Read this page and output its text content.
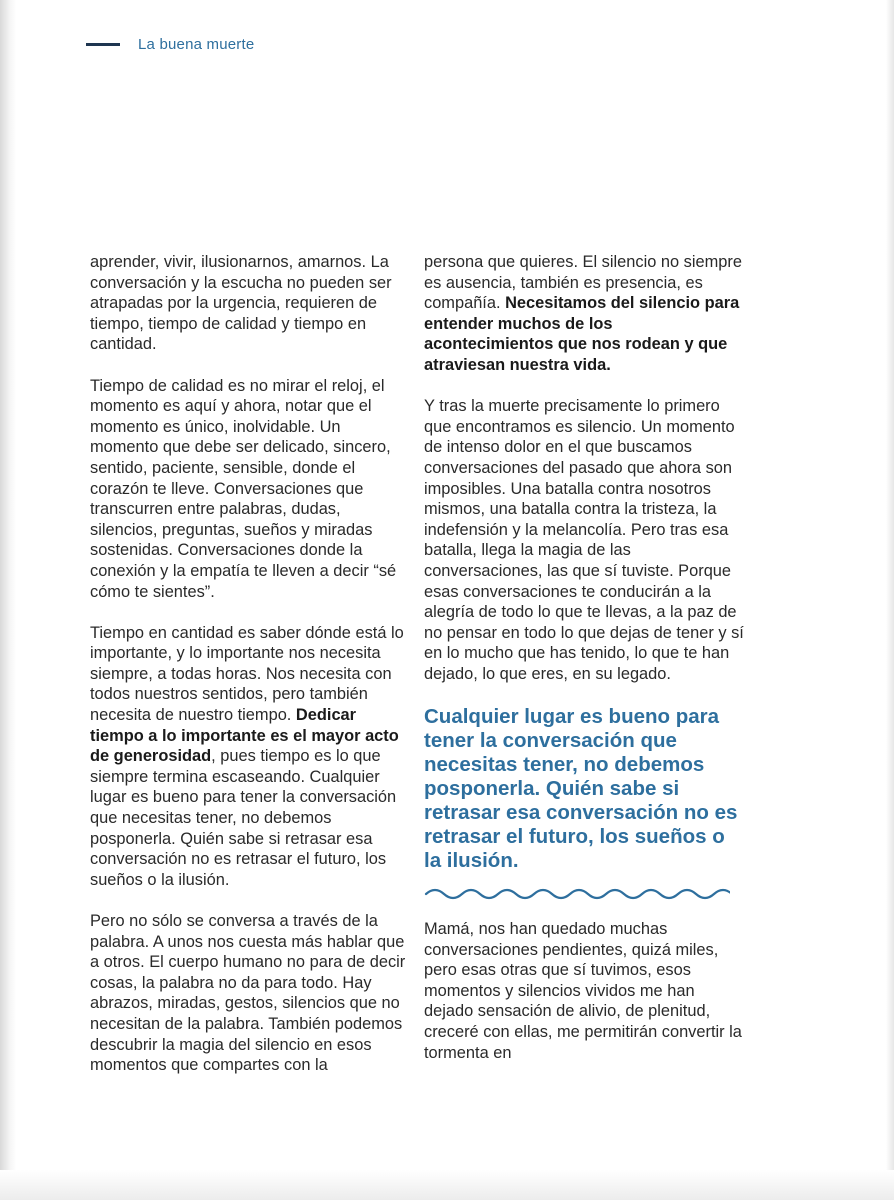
La buena muerte

aprender, vivir, ilusionarnos, amarnos. La conversación y la escucha no pueden ser atrapadas por la urgencia, requieren de tiempo, tiempo de calidad y tiempo en cantidad.

Tiempo de calidad es no mirar el reloj, el momento es aquí y ahora, notar que el momento es único, inolvidable. Un momento que debe ser delicado, sincero, sentido, paciente, sensible, donde el corazón te lleve. Conversaciones que transcurren entre palabras, dudas, silencios, preguntas, sueños y miradas sostenidas. Conversaciones donde la conexión y la empatía te lleven a decir “sé cómo te sientes”.

Tiempo en cantidad es saber dónde está lo importante, y lo importante nos necesita siempre, a todas horas. Nos necesita con todos nuestros sentidos, pero también necesita de nuestro tiempo. Dedicar tiempo a lo importante es el mayor acto de generosidad, pues tiempo es lo que siempre termina escaseando. Cualquier lugar es bueno para tener la conversación que necesitas tener, no debemos posponerla. Quién sabe si retrasar esa conversación no es retrasar el futuro, los sueños o la ilusión.

Pero no sólo se conversa a través de la palabra. A unos nos cuesta más hablar que a otros. El cuerpo humano no para de decir cosas, la palabra no da para todo. Hay abrazos, miradas, gestos, silencios que no necesitan de la palabra. También podemos descubrir la magia del silencio en esos momentos que compartes con la

persona que quieres. El silencio no siempre es ausencia, también es presencia, es compañía. Necesitamos del silencio para entender muchos de los acontecimientos que nos rodean y que atraviesan nuestra vida.

Y tras la muerte precisamente lo primero que encontramos es silencio. Un momento de intenso dolor en el que buscamos conversaciones del pasado que ahora son imposibles. Una batalla contra nosotros mismos, una batalla contra la tristeza, la indefensión y la melancolía. Pero tras esa batalla, llega la magia de las conversaciones, las que sí tuviste. Porque esas conversaciones te conducirán a la alegría de todo lo que te llevas, a la paz de no pensar en todo lo que dejas de tener y sí en lo mucho que has tenido, lo que te han dejado, lo que eres, en su legado.

Cualquier lugar es bueno para tener la conversación que necesitas tener, no debemos posponerla. Quién sabe si retrasar esa conversación no es retrasar el futuro, los sueños o la ilusión.

Mamá, nos han quedado muchas conversaciones pendientes, quizá miles, pero esas otras que sí tuvimos, esos momentos y silencios vividos me han dejado sensación de alivio, de plenitud, creceré con ellas, me permitirán convertir la tormenta en
